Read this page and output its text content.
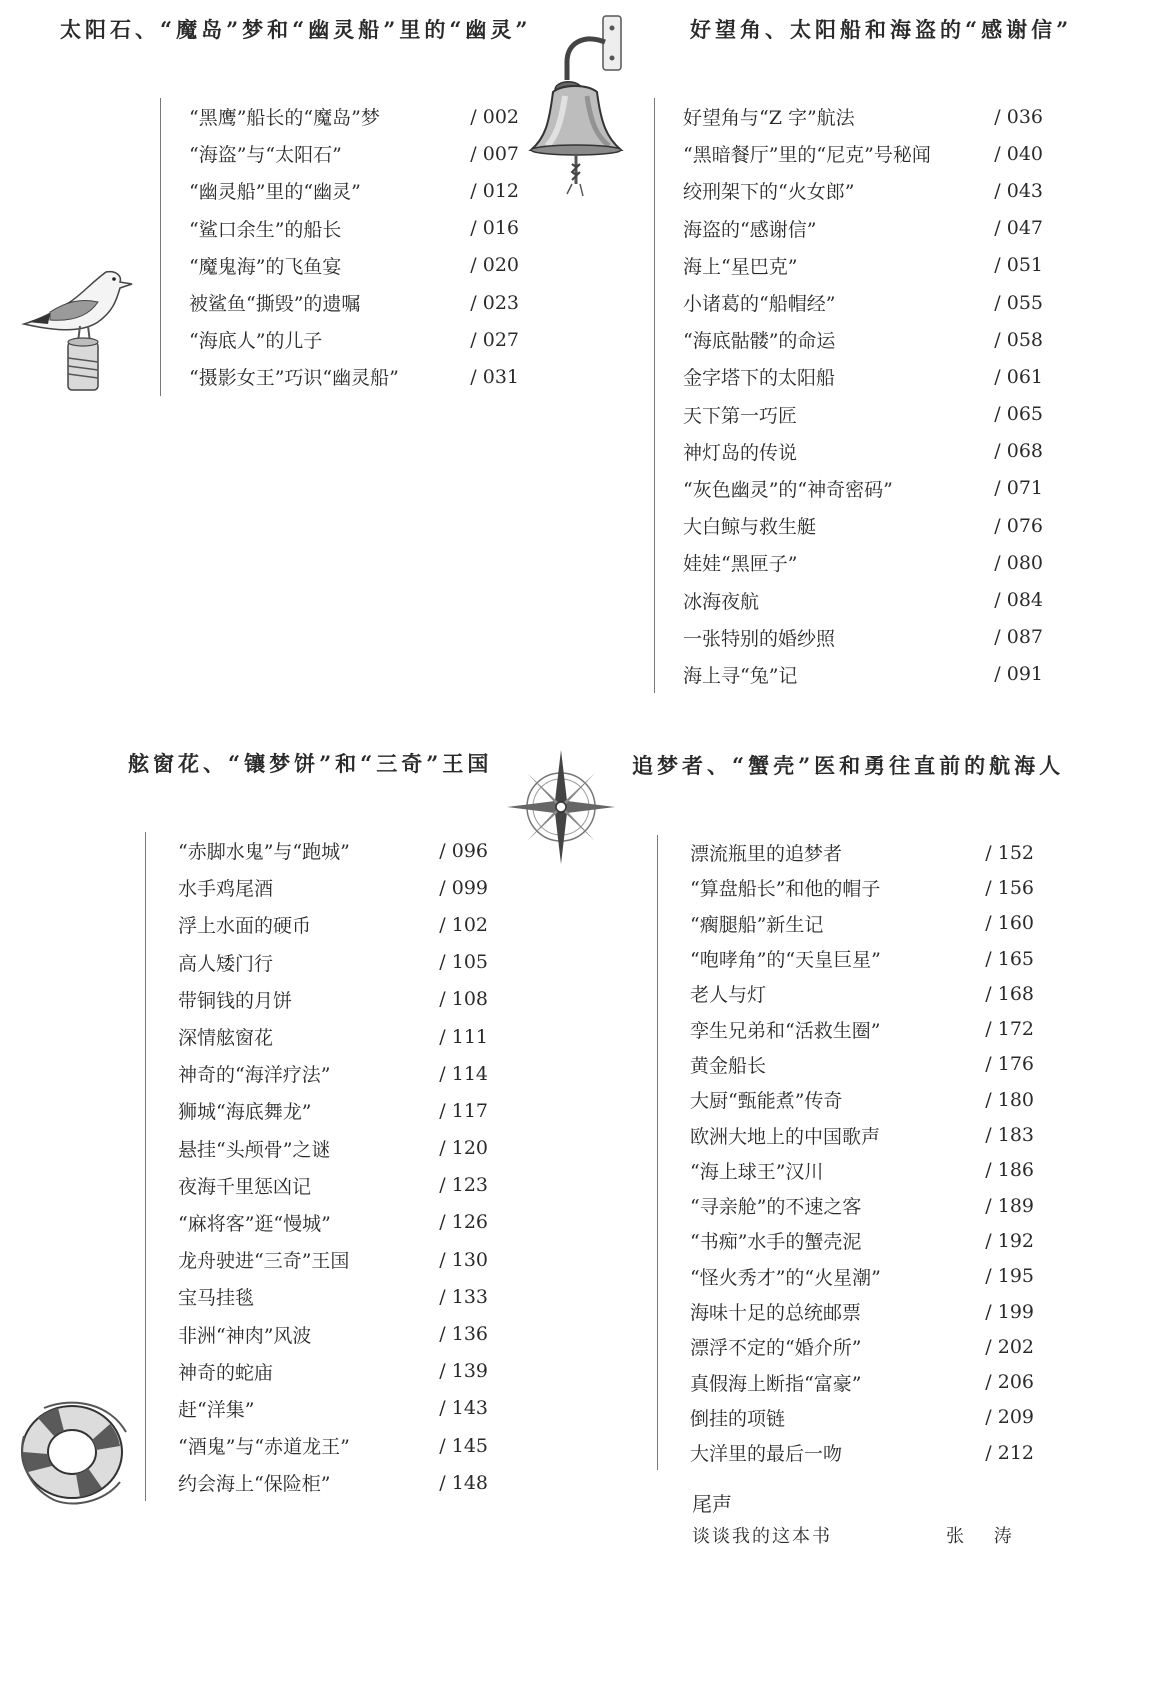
太阳石、“魔岛”梦和“幽灵船”里的“幽灵”	好望角、太阳船和海盗的“感谢信”
舷窗花、“镶梦饼”和“三奇”王国	追梦者、“蟹壳”医和勇往直前的航海人
“黑鹰”船长的“魔岛”梦	/ 002
“海盗”与“太阳石”	/ 007
“幽灵船”里的“幽灵”	/ 012
“鲨口余生”的船长	/ 016
“魔鬼海”的飞鱼宴	/ 020
被鲨鱼“撕毁”的遗嘱	/ 023
“海底人”的儿子	/ 027
“摄影女王”巧识“幽灵船”	/ 031
好望角与“Z 字”航法	/ 036
“黑暗餐厅”里的“尼克”号秘闻	/ 040
绞刑架下的“火女郎”	/ 043
海盗的“感谢信”	/ 047
海上“星巴克”	/ 051
小诸葛的“船帽经”	/ 055
“海底骷髅”的命运	/ 058
金字塔下的太阳船	/ 061
天下第一巧匠	/ 065
神灯岛的传说	/ 068
“灰色幽灵”的“神奇密码”	/ 071
大白鲸与救生艇	/ 076
娃娃“黑匣子”	/ 080
冰海夜航	/ 084
一张特别的婚纱照	/ 087
海上寻“兔”记	/ 091
“赤脚水鬼”与“跑城”	/ 096
水手鸡尾酒	/ 099
浮上水面的硬币	/ 102
高人矮门行	/ 105
带铜钱的月饼	/ 108
深情舷窗花	/ 111
神奇的“海洋疗法”	/ 114
狮城“海底舞龙”	/ 117
悬挂“头颅骨”之谜	/ 120
夜海千里惩凶记	/ 123
“麻将客”逛“慢城”	/ 126
龙舟驶进“三奇”王国	/ 130
宝马挂毯	/ 133
非洲“神肉”风波	/ 136
神奇的蛇庙	/ 139
赶“洋集”	/ 143
“酒鬼”与“赤道龙王”	/ 145
约会海上“保险柜”	/ 148
漂流瓶里的追梦者	/ 152
“算盘船长”和他的帽子	/ 156
“瘸腿船”新生记	/ 160
“咆哮角”的“天皇巨星”	/ 165
老人与灯	/ 168
孪生兄弟和“活救生圈”	/ 172
黄金船长	/ 176
大厨“甄能煮”传奇	/ 180
欧洲大地上的中国歌声	/ 183
“海上球王”汉川	/ 186
“寻亲舱”的不速之客	/ 189
“书痴”水手的蟹壳泥	/ 192
“怪火秀才”的“火星潮”	/ 195
海味十足的总统邮票	/ 199
漂浮不定的“婚介所”	/ 202
真假海上断指“富豪”	/ 206
倒挂的项链	/ 209
大洋里的最后一吻	/ 212
尾声
谈谈我的这本书	张 涛
